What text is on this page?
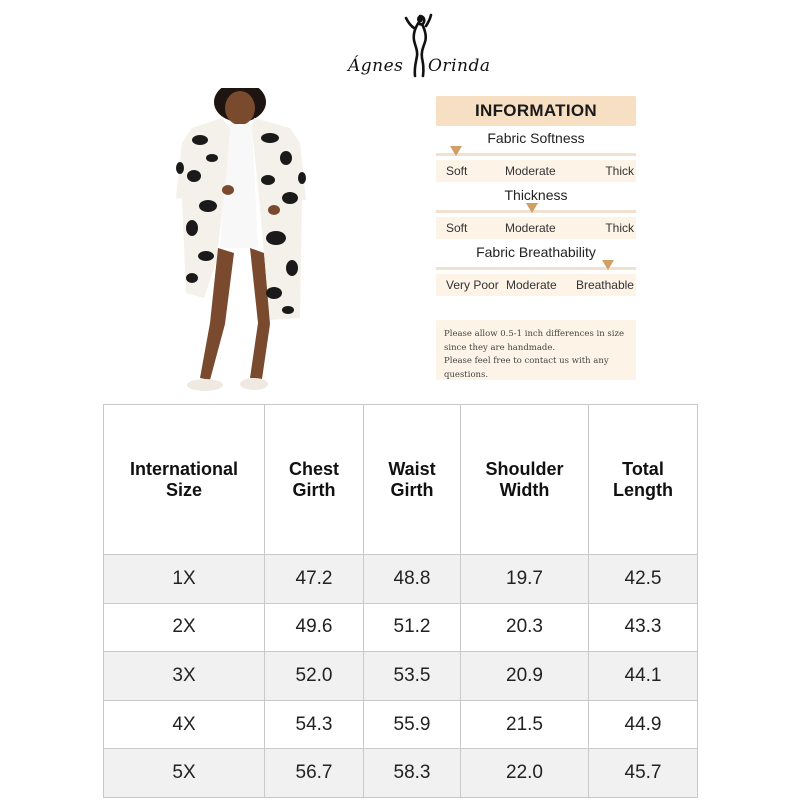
Ágnes Orinda
INFORMATION
Fabric Softness
Soft	Moderate	Thick
Thickness
Soft	Moderate	Thick
Fabric Breathability
Very Poor Moderate Breathable
Please allow 0.5-1 inch differences in size
since they are handmade.
Please feel free to contact us with any questions.
International Size	Chest Girth	Waist Girth	Shoulder Width	Total Length
1X	47.2	48.8	19.7	42.5
2X	49.6	51.2	20.3	43.3
3X	52.0	53.5	20.9	44.1
4X	54.3	55.9	21.5	44.9
5X	56.7	58.3	22.0	45.7
